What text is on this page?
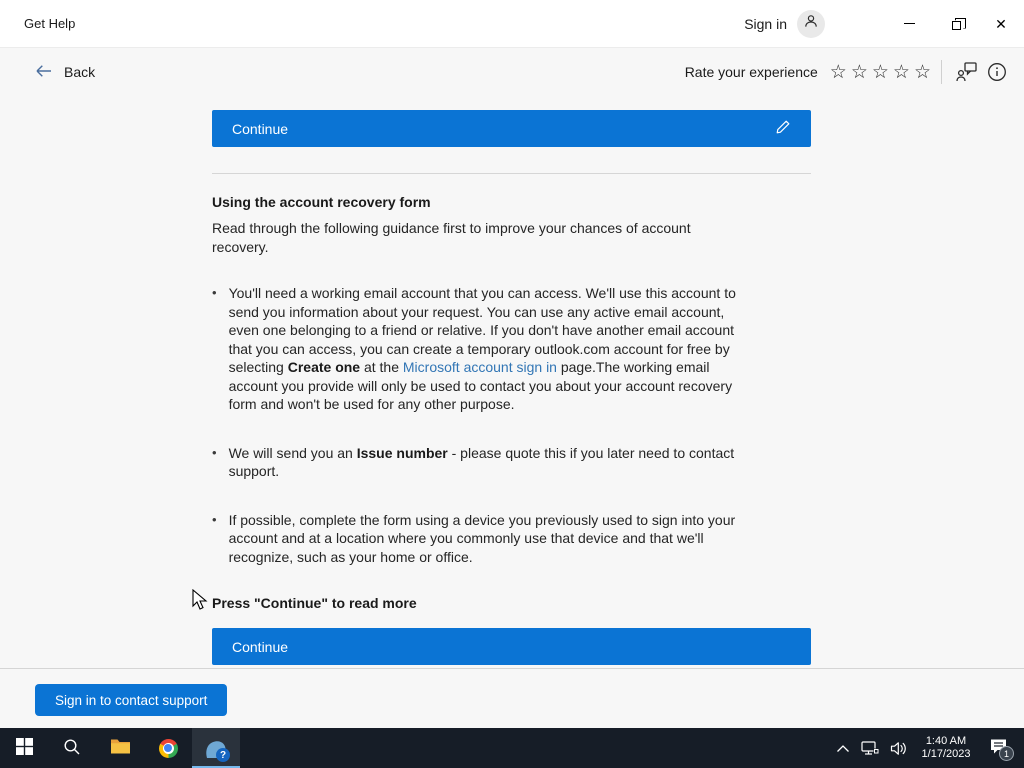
Get Help	Sign in	✕
Back	Rate your experience ☆ ☆ ☆ ☆ ☆
Continue
Using the account recovery form

Read through the following guidance first to improve your chances of account recovery.

• You'll need a working email account that you can access. We'll use this account to send you information about your request. You can use any active email account, even one belonging to a friend or relative. If you don't have another email account that you can access, you can create a temporary outlook.com account for free by selecting Create one at the Microsoft account sign in page.The working email account you provide will only be used to contact you about your account recovery form and won't be used for any other purpose.
• We will send you an Issue number - please quote this if you later need to contact support.
• If possible, complete the form using a device you previously used to sign into your account and at a location where you commonly use that device and that we'll recognize, such as your home or office.

Press "Continue" to read more

Continue
Sign in to contact support
?
1:40 AM
1/17/2023	1
